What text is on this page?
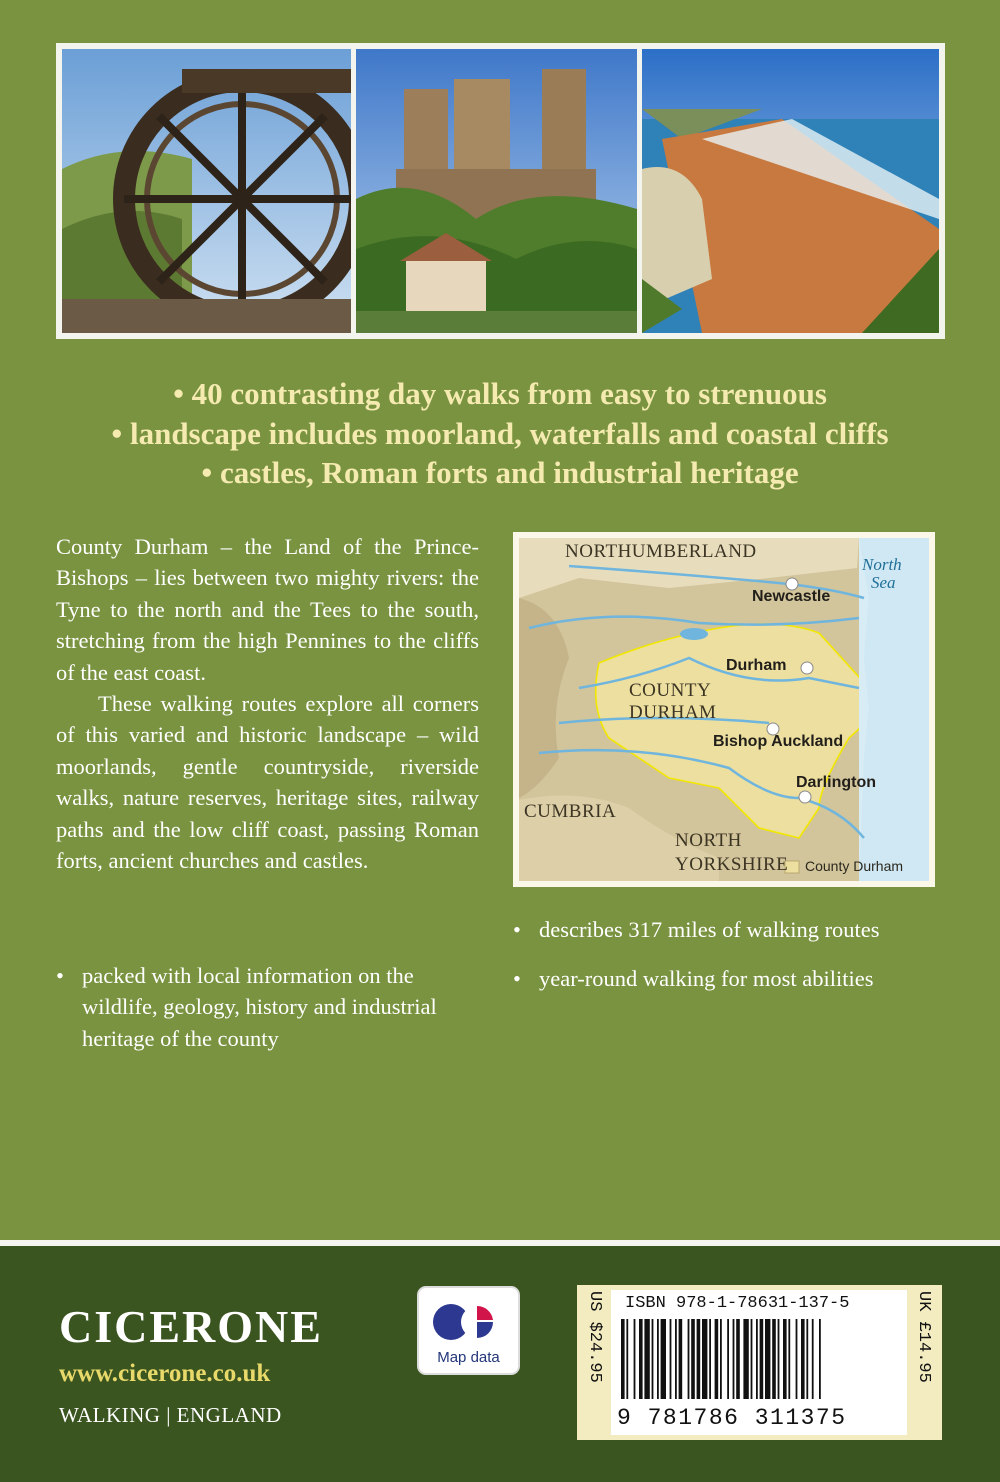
• 40 contrasting day walks from easy to strenuous
• landscape includes moorland, waterfalls and coastal cliffs
• castles, Roman forts and industrial heritage

County Durham – the Land of the Prince-Bishops – lies between two mighty rivers: the Tyne to the north and the Tees to the south, stretching from the high Pennines to the cliffs of the east coast.

These walking routes explore all corners of this varied and historic landscape – wild moorlands, gentle countryside, riverside walks, nature reserves, heritage sites, railway paths and the low cliff coast, passing Roman forts, ancient churches and castles.

• packed with local information on the wildlife, geology, history and industrial heritage of the county
• describes 317 miles of walking routes
• year-round walking for most abilities
NORTHUMBERLAND
COUNTY
DURHAM
CUMBRIA
NORTH
YORKSHIRE
North
Sea
Newcastle
Durham
Bishop Auckland
Darlington
County Durham
CICERONE
www.cicerone.co.uk
WALKING | ENGLAND
Map data
ISBN 978-1-78631-137-5
9 781786 311375
US $24.95	UK £14.95
